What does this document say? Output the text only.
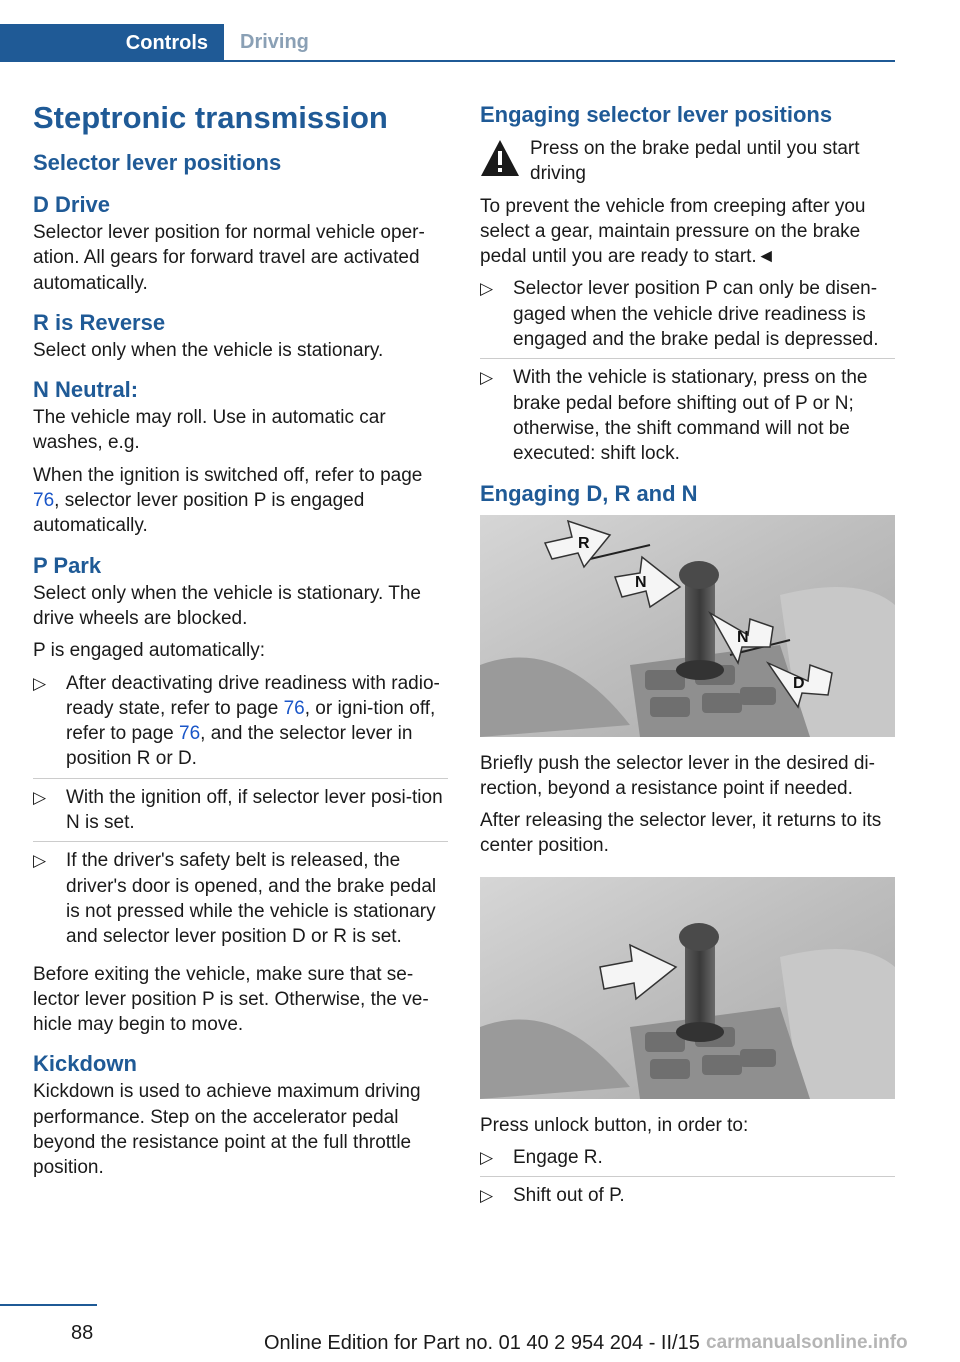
Controls	Driving
Steptronic transmission
Selector lever positions
D Drive
Selector lever position for normal vehicle oper-ation. All gears for forward travel are activated automatically.
R is Reverse
Select only when the vehicle is stationary.
N Neutral:
The vehicle may roll. Use in automatic car washes, e.g.
When the ignition is switched off, refer to page 76, selector lever position P is engaged automatically.
P Park
Select only when the vehicle is stationary. The drive wheels are blocked.
P is engaged automatically:
▷ After deactivating drive readiness with radio-ready state, refer to page 76, or igni-tion off, refer to page 76, and the selector lever in position R or D.
▷ With the ignition off, if selector lever posi-tion N is set.
▷ If the driver's safety belt is released, the driver's door is opened, and the brake pedal is not pressed while the vehicle is stationary and selector lever position D or R is set.
Before exiting the vehicle, make sure that se-lector lever position P is set. Otherwise, the ve-hicle may begin to move.
Kickdown
Kickdown is used to achieve maximum driving performance. Step on the accelerator pedal beyond the resistance point at the full throttle position.
Engaging selector lever positions
Press on the brake pedal until you start driving
To prevent the vehicle from creeping after you select a gear, maintain pressure on the brake pedal until you are ready to start.◄
▷ Selector lever position P can only be disen-gaged when the vehicle drive readiness is engaged and the brake pedal is depressed.
▷ With the vehicle is stationary, press on the brake pedal before shifting out of P or N; otherwise, the shift command will not be executed: shift lock.
Engaging D, R and N
R
N
N
D
Briefly push the selector lever in the desired di-rection, beyond a resistance point if needed.
After releasing the selector lever, it returns to its center position.
Press unlock button, in order to:
▷ Engage R.
▷ Shift out of P.
88	Online Edition for Part no. 01 40 2 954 204 - II/15 carmanualsonline.info
